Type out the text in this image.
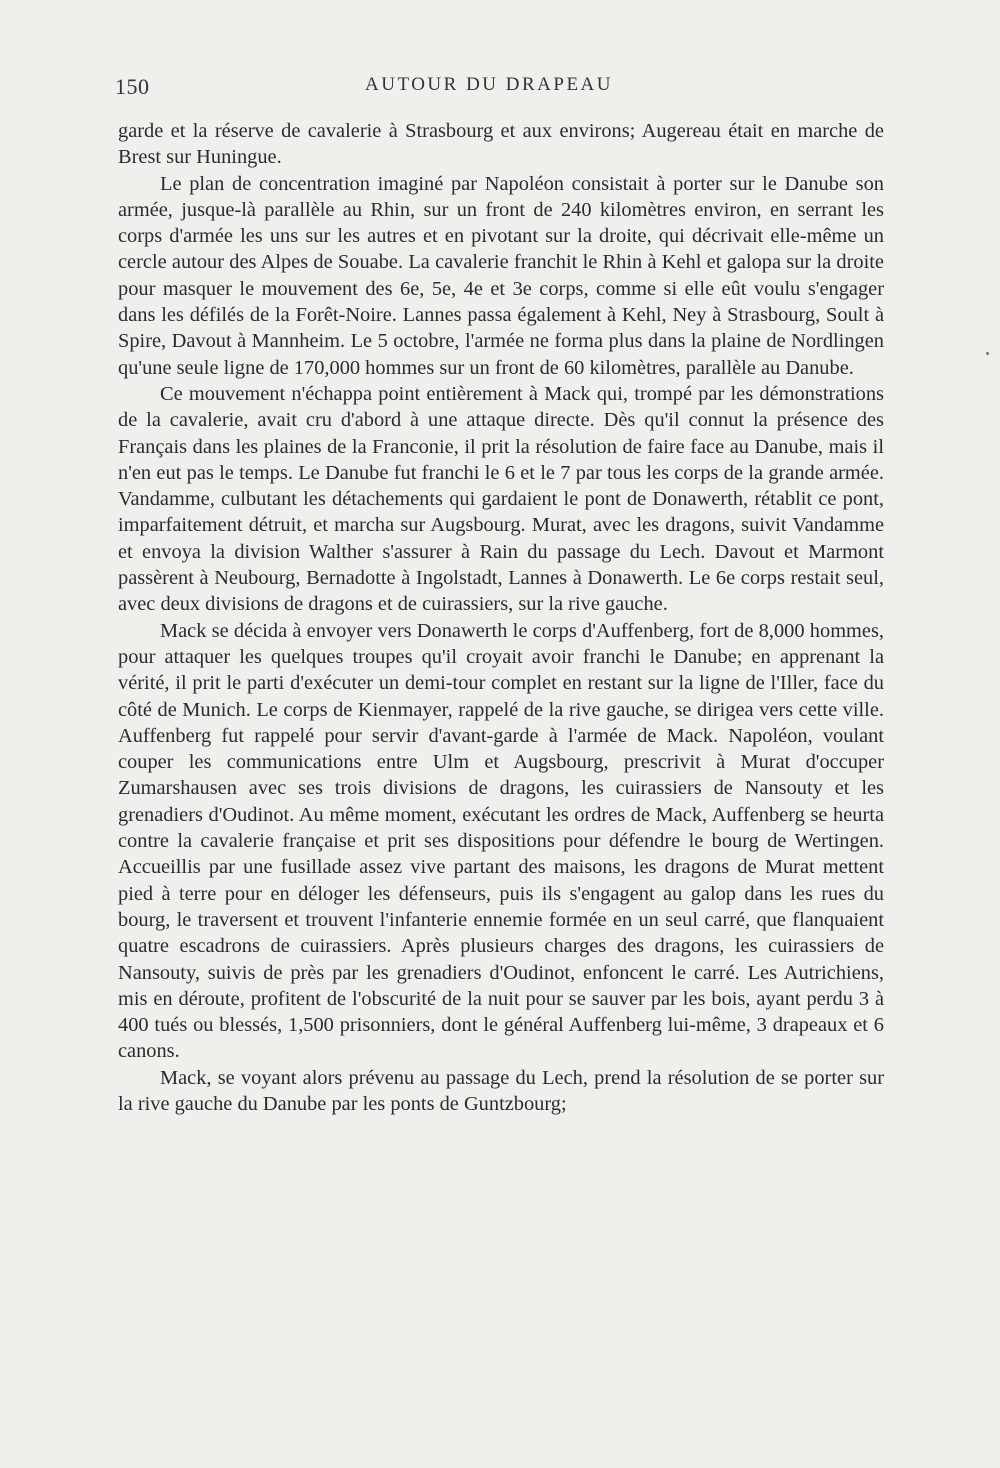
150	AUTOUR DU DRAPEAU

garde et la réserve de cavalerie à Strasbourg et aux environs; Augereau était en marche de Brest sur Huningue.

Le plan de concentration imaginé par Napoléon consistait à porter sur le Danube son armée, jusque-là parallèle au Rhin, sur un front de 240 kilomètres environ, en serrant les corps d'armée les uns sur les autres et en pivotant sur la droite, qui décrivait elle-même un cercle autour des Alpes de Souabe. La cavalerie franchit le Rhin à Kehl et galopa sur la droite pour masquer le mouvement des 6e, 5e, 4e et 3e corps, comme si elle eût voulu s'engager dans les défilés de la Forêt-Noire. Lannes passa également à Kehl, Ney à Strasbourg, Soult à Spire, Davout à Mannheim. Le 5 octobre, l'armée ne forma plus dans la plaine de Nordlingen qu'une seule ligne de 170,000 hommes sur un front de 60 kilomètres, parallèle au Danube.

Ce mouvement n'échappa point entièrement à Mack qui, trompé par les démonstrations de la cavalerie, avait cru d'abord à une attaque directe. Dès qu'il connut la présence des Français dans les plaines de la Franconie, il prit la résolution de faire face au Danube, mais il n'en eut pas le temps. Le Danube fut franchi le 6 et le 7 par tous les corps de la grande armée. Vandamme, culbutant les détachements qui gardaient le pont de Donawerth, rétablit ce pont, imparfaitement détruit, et marcha sur Augsbourg. Murat, avec les dragons, suivit Vandamme et envoya la division Walther s'assurer à Rain du passage du Lech. Davout et Marmont passèrent à Neubourg, Bernadotte à Ingolstadt, Lannes à Donawerth. Le 6e corps restait seul, avec deux divisions de dragons et de cuirassiers, sur la rive gauche.

Mack se décida à envoyer vers Donawerth le corps d'Auffenberg, fort de 8,000 hommes, pour attaquer les quelques troupes qu'il croyait avoir franchi le Danube; en apprenant la vérité, il prit le parti d'exécuter un demi-tour complet en restant sur la ligne de l'Iller, face du côté de Munich. Le corps de Kienmayer, rappelé de la rive gauche, se dirigea vers cette ville. Auffenberg fut rappelé pour servir d'avant-garde à l'armée de Mack. Napoléon, voulant couper les communications entre Ulm et Augsbourg, prescrivit à Murat d'occuper Zumarshausen avec ses trois divisions de dragons, les cuirassiers de Nansouty et les grenadiers d'Oudinot. Au même moment, exécutant les ordres de Mack, Auffenberg se heurta contre la cavalerie française et prit ses dispositions pour défendre le bourg de Wertingen. Accueillis par une fusillade assez vive partant des maisons, les dragons de Murat mettent pied à terre pour en déloger les défenseurs, puis ils s'engagent au galop dans les rues du bourg, le traversent et trouvent l'infanterie ennemie formée en un seul carré, que flanquaient quatre escadrons de cuirassiers. Après plusieurs charges des dragons, les cuirassiers de Nansouty, suivis de près par les grenadiers d'Oudinot, enfoncent le carré. Les Autrichiens, mis en déroute, profitent de l'obscurité de la nuit pour se sauver par les bois, ayant perdu 3 à 400 tués ou blessés, 1,500 prisonniers, dont le général Auffenberg lui-même, 3 drapeaux et 6 canons.

Mack, se voyant alors prévenu au passage du Lech, prend la résolution de se porter sur la rive gauche du Danube par les ponts de Guntzbourg;
